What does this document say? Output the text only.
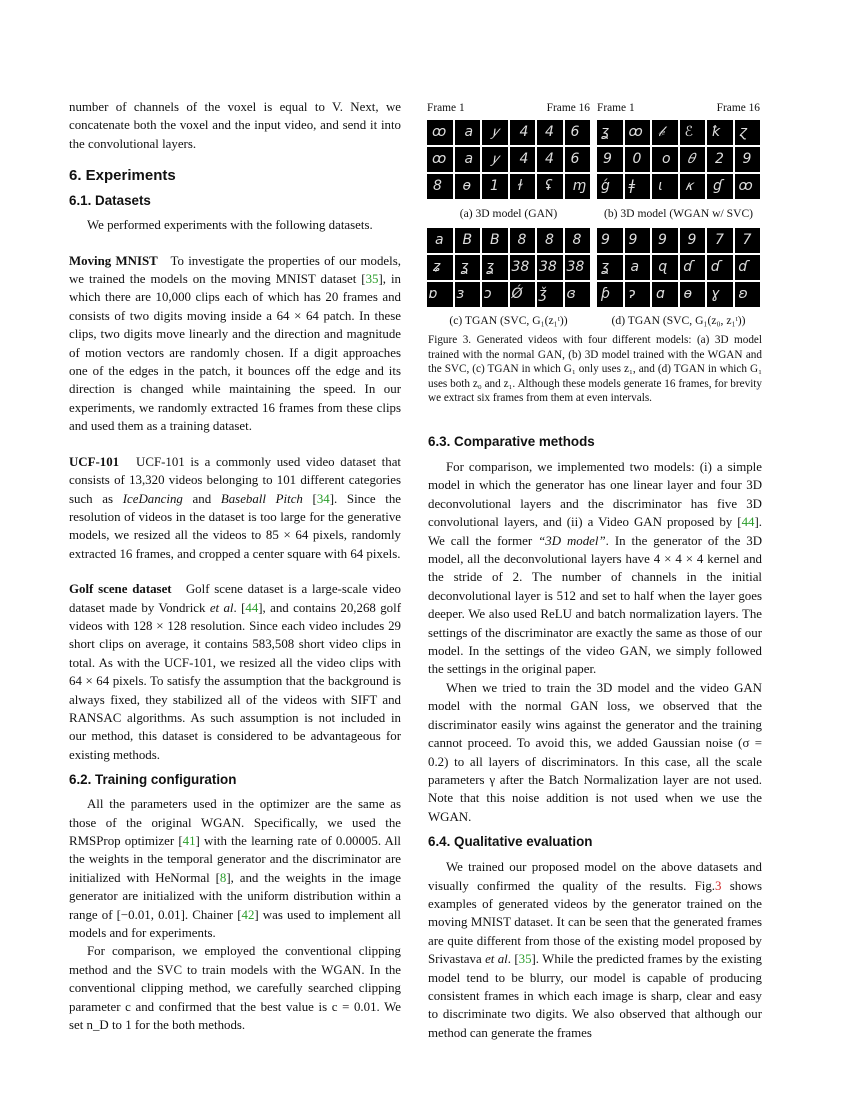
number of channels of the voxel is equal to V. Next, we concatenate both the voxel and the input video, and send it into the convolutional layers.

6. Experiments
6.1. Datasets

We performed experiments with the following datasets.

Moving MNIST To investigate the properties of our models, we trained the models on the moving MNIST dataset [35], in which there are 10,000 clips each of which has 20 frames and consists of two digits moving inside a 64 × 64 patch. In these clips, two digits move linearly and the direction and magnitude of motion vectors are randomly chosen. If a digit approaches one of the edges in the patch, it bounces off the edge and its direction is changed while maintaining the speed. In our experiments, we randomly extracted 16 frames from these clips and used them as a training dataset.

UCF-101 UCF-101 is a commonly used video dataset that consists of 13,320 videos belonging to 101 different categories such as IceDancing and Baseball Pitch [34]. Since the resolution of videos in the dataset is too large for the generative models, we resized all the videos to 85 × 64 pixels, randomly extracted 16 frames, and cropped a center square with 64 pixels.

Golf scene dataset Golf scene dataset is a large-scale video dataset made by Vondrick et al. [44], and contains 20,268 golf videos with 128 × 128 resolution. Since each video includes 29 short clips on average, it contains 583,508 short video clips in total. As with the UCF-101, we resized all the video clips with 64 × 64 pixels. To satisfy the assumption that the background is always fixed, they stabilized all of the videos with SIFT and RANSAC algorithms. As such assumption is not included in our method, this dataset is considered to be advantageous for existing methods.

6.2. Training configuration

All the parameters used in the optimizer are the same as those of the original WGAN. Specifically, we used the RMSProp optimizer [41] with the learning rate of 0.00005. All the weights in the temporal generator and the discriminator are initialized with HeNormal [8], and the weights in the image generator are initialized with the uniform distribution within a range of [−0.01, 0.01]. Chainer [42] was used to implement all models and for experiments.

For comparison, we employed the conventional clipping method and the SVC to train models with the WGAN. In the conventional clipping method, we carefully searched clipping parameter c and confirmed that the best value is c = 0.01. We set n_D to 1 for the both methods.

Frame 1	Frame 16
ꝏ a 𝑦 4 4 6
ꝏ a 𝑦 4 4 6
8 ɵ 1 ɫ ʢ ɱ
(a) 3D model (GAN)
Frame 1	Frame 16
ʓ ꝏ 𝒷 ℰ ꝁ ɀ
9 0 o 𝜃 2 9
ǵ ǂ ɩ 𝜅 ɠ ꝏ
(b) 3D model (WGAN w/ SVC)
a B B 8 8 8
ʑ ʓ ʓ 38 38 38
ɒ ɜ ɔ Ǿ ǯ ɞ
(c) TGAN (SVC, G₁(z₁ᵗ))
9 9 9 9 7 7
ʓ a ɋ ɗ ɗ ɗ
ƥ ɂ ɑ ɵ ɣ ʚ
(d) TGAN (SVC, G₁(z₀, z₁ᵗ))
Figure 3. Generated videos with four different models: (a) 3D model trained with the normal GAN, (b) 3D model trained with the WGAN and the SVC, (c) TGAN in which G₁ only uses z₁, and (d) TGAN in which G₁ uses both z₀ and z₁. Although these models generate 16 frames, for brevity we extract six frames from them at even intervals.
6.3. Comparative methods

For comparison, we implemented two models: (i) a simple model in which the generator has one linear layer and four 3D deconvolutional layers and the discriminator has five 3D convolutional layers, and (ii) a Video GAN proposed by [44]. We call the former “3D model”. In the generator of the 3D model, all the deconvolutional layers have 4 × 4 × 4 kernel and the stride of 2. The number of channels in the initial deconvolutional layer is 512 and set to half when the layer goes deeper. We also used ReLU and batch normalization layers. The settings of the discriminator are exactly the same as those of our model. In the settings of the video GAN, we simply followed the settings in the original paper.

When we tried to train the 3D model and the video GAN model with the normal GAN loss, we observed that the discriminator easily wins against the generator and the training cannot proceed. To avoid this, we added Gaussian noise (σ = 0.2) to all layers of discriminators. In this case, all the scale parameters γ after the Batch Normalization layer are not used. Note that this noise addition is not used when we use the WGAN.

6.4. Qualitative evaluation

We trained our proposed model on the above datasets and visually confirmed the quality of the results. Fig.3 shows examples of generated videos by the generator trained on the moving MNIST dataset. It can be seen that the generated frames are quite different from those of the existing model proposed by Srivastava et al. [35]. While the predicted frames by the existing model tend to be blurry, our model is capable of producing consistent frames in which each image is sharp, clear and easy to discriminate two digits. We also observed that although our method can generate the frames
